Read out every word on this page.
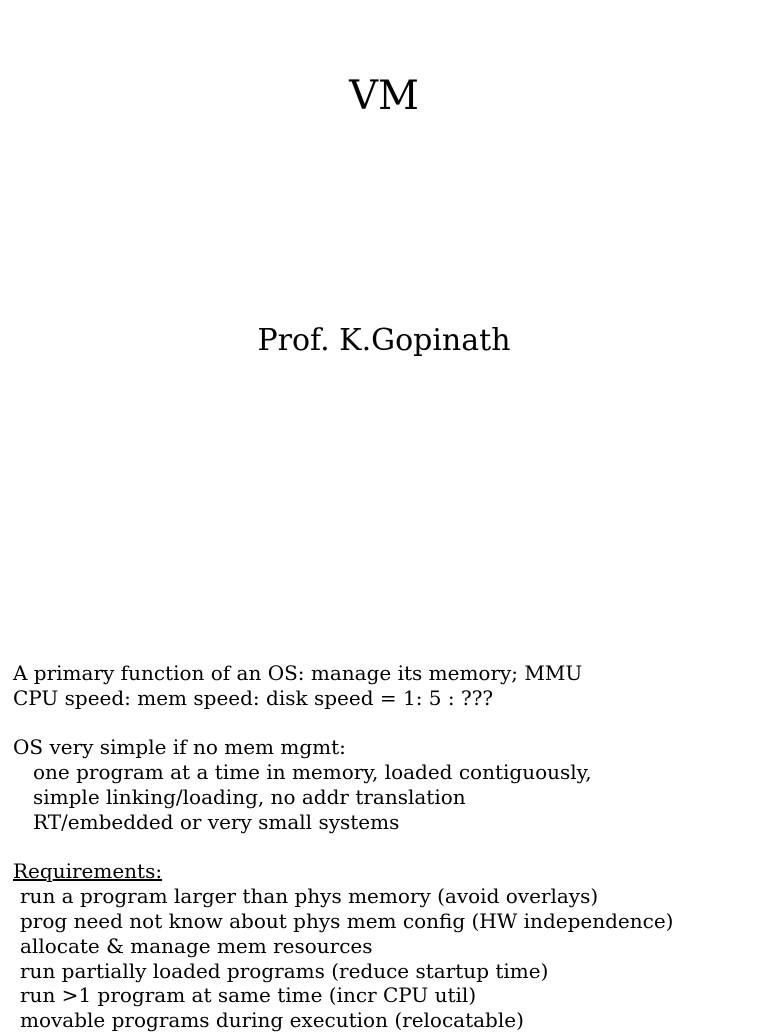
VM
Prof. K.Gopinath
A primary function of an OS: manage its memory; MMU
CPU speed: mem speed: disk speed = 1: 5 : ???
OS very simple if no mem mgmt:
one program at a time in memory, loaded contiguously,
simple linking/loading, no addr translation
RT/embedded or very small systems
Requirements:
run a program larger than phys memory (avoid overlays)
prog need not know about phys mem config (HW independence)
allocate & manage mem resources
run partially loaded programs (reduce startup time)
run >1 program at same time (incr CPU util)
movable programs during execution (relocatable)
